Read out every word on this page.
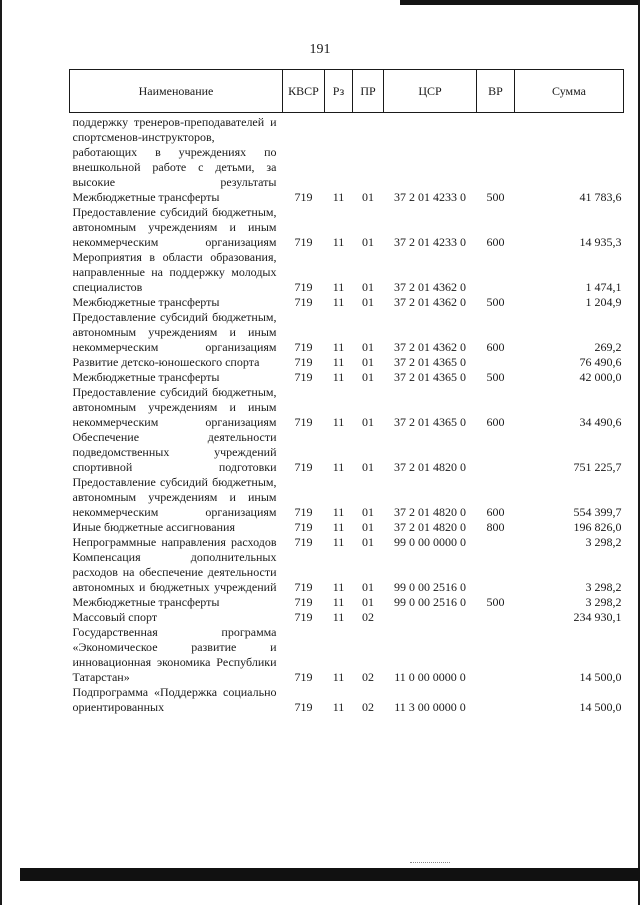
191
Наименование	КВСР	Рз	ПР	ЦСР	ВР	Сумма
поддержку тренеров-преподавателей и спортсменов-инструкторов, работающих в учреждениях по внешкольной работе с детьми, за высокие результаты						
Межбюджетные трансферты	719	11	01	37 2 01 4233 0	500	41 783,6
Предоставление субсидий бюджетным, автономным учреждениям и иным некоммерческим организациям	719	11	01	37 2 01 4233 0	600	14 935,3
Мероприятия в области образования, направленные на поддержку молодых специалистов	719	11	01	37 2 01 4362 0		1 474,1
Межбюджетные трансферты	719	11	01	37 2 01 4362 0	500	1 204,9
Предоставление субсидий бюджетным, автономным учреждениям и иным некоммерческим организациям	719	11	01	37 2 01 4362 0	600	269,2
Развитие детско-юношеского спорта	719	11	01	37 2 01 4365 0		76 490,6
Межбюджетные трансферты	719	11	01	37 2 01 4365 0	500	42 000,0
Предоставление субсидий бюджетным, автономным учреждениям и иным некоммерческим организациям	719	11	01	37 2 01 4365 0	600	34 490,6
Обеспечение деятельности подведомственных учреждений спортивной подготовки	719	11	01	37 2 01 4820 0		751 225,7
Предоставление субсидий бюджетным, автономным учреждениям и иным некоммерческим организациям	719	11	01	37 2 01 4820 0	600	554 399,7
Иные бюджетные ассигнования	719	11	01	37 2 01 4820 0	800	196 826,0
Непрограммные направления расходов	719	11	01	99 0 00 0000 0		3 298,2
Компенсация дополнительных расходов на обеспечение деятельности автономных и бюджетных учреждений	719	11	01	99 0 00 2516 0		3 298,2
Межбюджетные трансферты	719	11	01	99 0 00 2516 0	500	3 298,2
Массовый спорт	719	11	02			234 930,1
Государственная программа «Экономическое развитие и инновационная экономика Республики Татарстан»	719	11	02	11 0 00 0000 0		14 500,0
Подпрограмма «Поддержка социально ориентированных	719	11	02	11 3 00 0000 0		14 500,0
